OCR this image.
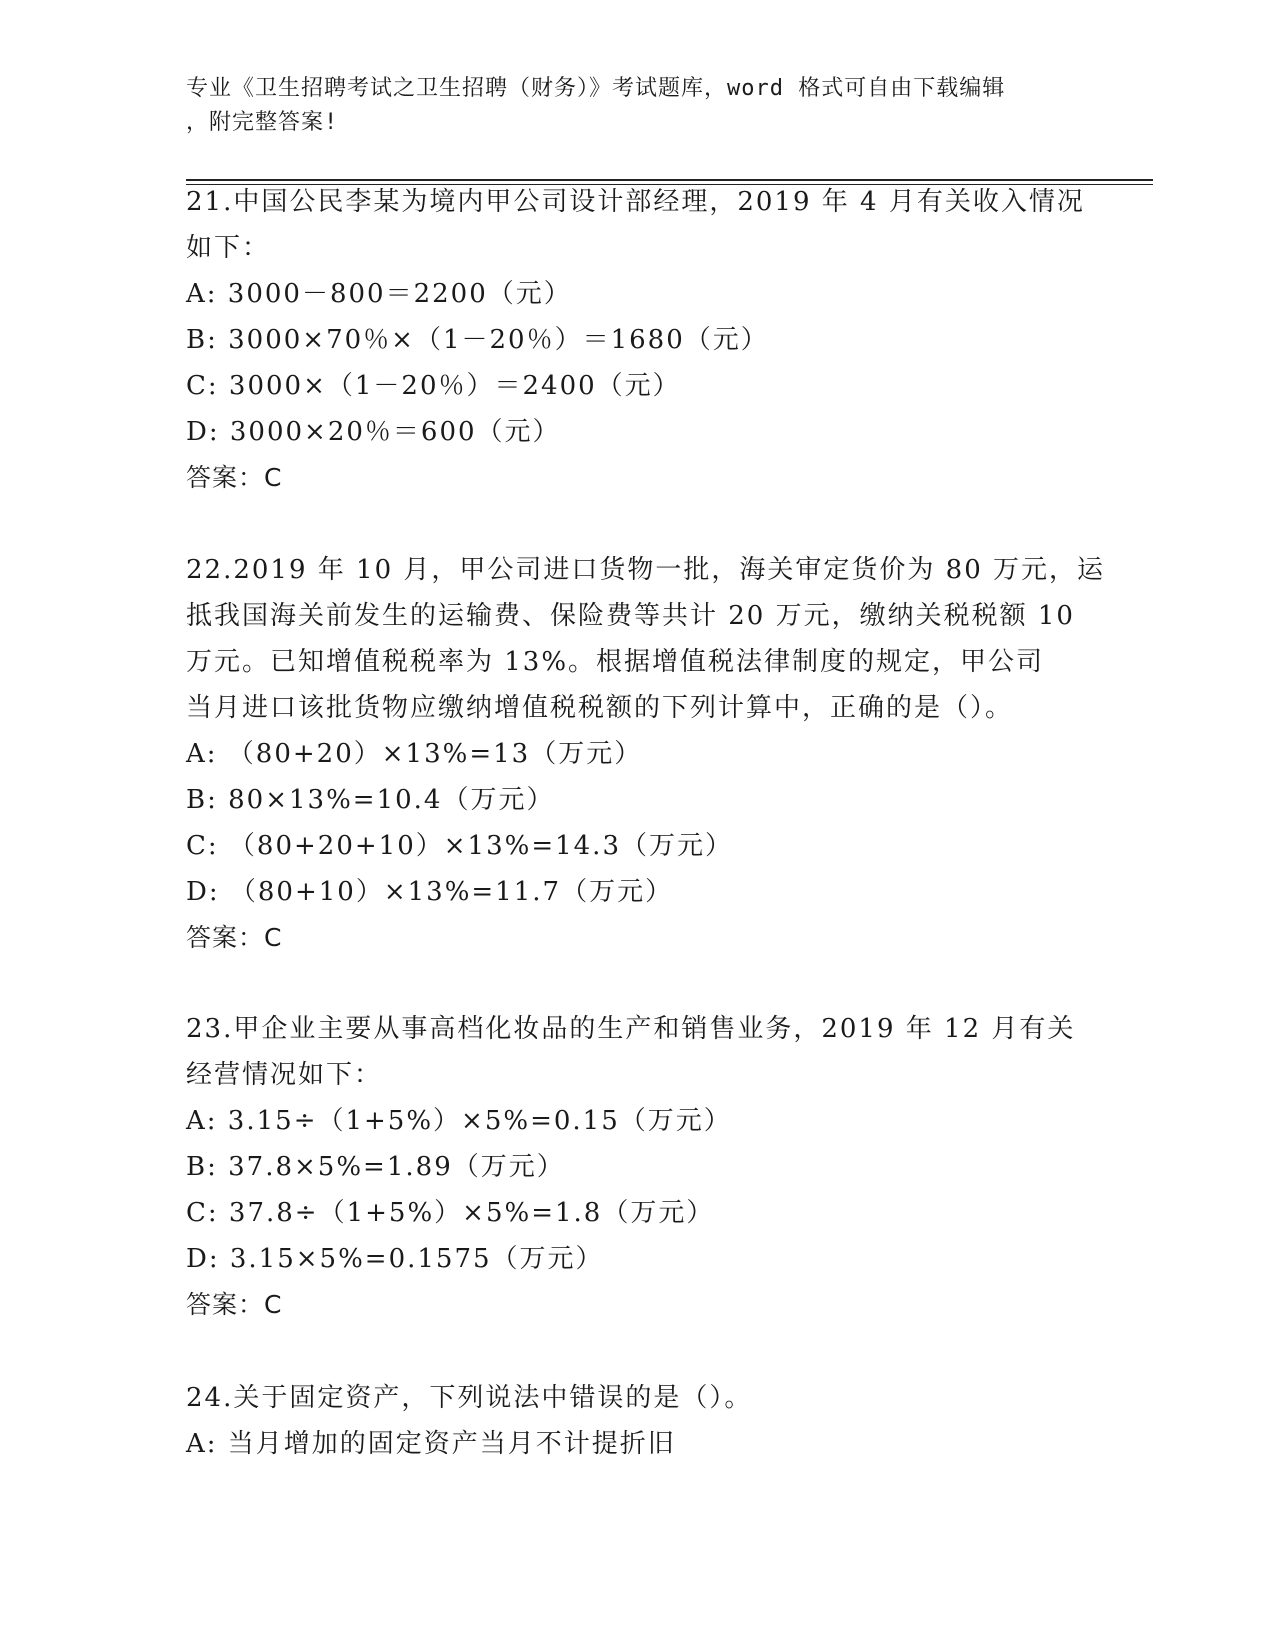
专业《卫生招聘考试之卫生招聘（财务）》考试题库，word 格式可自由下载编辑
，附完整答案!
21.中国公民李某为境内甲公司设计部经理，2019 年 4 月有关收入情况
如下：
A: 3000－800＝2200（元）
B: 3000×70％×（1－20％）＝1680（元）
C: 3000×（1－20％）＝2400（元）
D: 3000×20％＝600（元）
答案：C
22.2019 年 10 月，甲公司进口货物一批，海关审定货价为 80 万元，运
抵我国海关前发生的运输费、保险费等共计 20 万元，缴纳关税税额 10
万元。已知增值税税率为 13%。根据增值税法律制度的规定，甲公司
当月进口该批货物应缴纳增值税税额的下列计算中，正确的是（）。
A: （80+20）×13%=13（万元）
B: 80×13%=10.4（万元）
C: （80+20+10）×13%=14.3（万元）
D: （80+10）×13%=11.7（万元）
答案：C
23.甲企业主要从事高档化妆品的生产和销售业务，2019 年 12 月有关
经营情况如下：
A: 3.15÷（1+5%）×5%=0.15（万元）
B: 37.8×5%=1.89（万元）
C: 37.8÷（1+5%）×5%=1.8（万元）
D: 3.15×5%=0.1575（万元）
答案：C
24.关于固定资产，下列说法中错误的是（）。
A: 当月增加的固定资产当月不计提折旧
